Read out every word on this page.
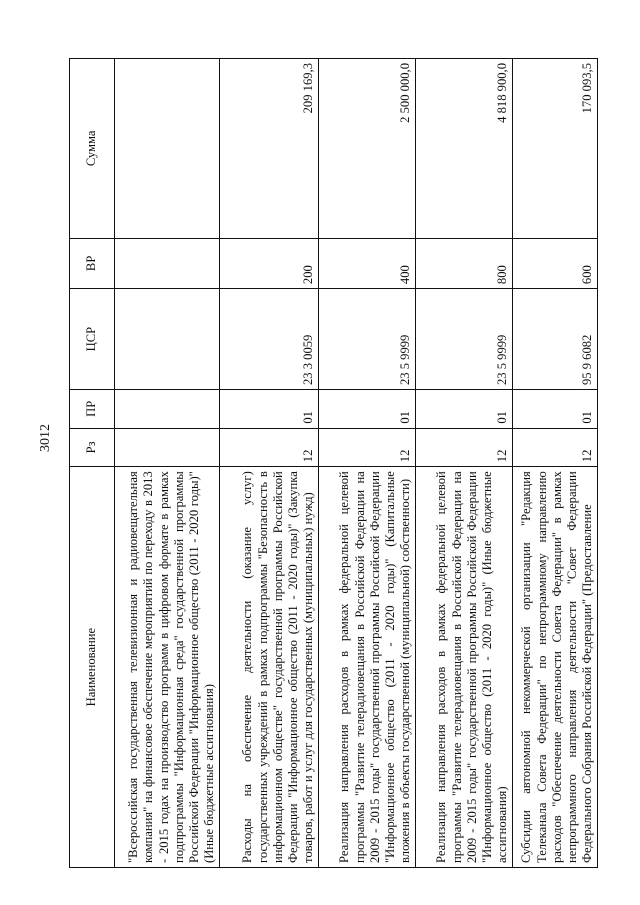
3012
Наименование	Рз	ПР	ЦСР	ВР	Сумма
"Всероссийская государственная телевизионная и радиовещательная компания" на финансовое обеспечение мероприятий по переходу в 2013 - 2015 годах на производство программ в цифровом формате в рамках подпрограммы "Информационная среда" государственной программы Российской Федерации "Информационное общество (2011 - 2020 годы)" (Иные бюджетные ассигнования)					
Расходы на обеспечение деятельности (оказание услуг) государственных учреждений в рамках подпрограммы "Безопасность в информационном обществе" государственной программы Российской Федерации "Информационное общество (2011 - 2020 годы)" (Закупка товаров, работ и услуг для государственных (муниципальных) нужд)	12	01	23 3 0059	200	209 169,3
Реализация направления расходов в рамках федеральной целевой программы "Развитие телерадиовещания в Российской Федерации на 2009 - 2015 годы" государственной программы Российской Федерации "Информационное общество (2011 - 2020 годы)" (Капитальные вложения в объекты государственной (муниципальной) собственности)	12	01	23 5 9999	400	2 500 000,0
Реализация направления расходов в рамках федеральной целевой программы "Развитие телерадиовещания в Российской Федерации на 2009 - 2015 годы" государственной программы Российской Федерации "Информационное общество (2011 - 2020 годы)" (Иные бюджетные ассигнования)	12	01	23 5 9999	800	4 818 900,0
Субсидии автономной некоммерческой организации "Редакция Телеканала Совета Федерации" по непрограммному направлению расходов "Обеспечение деятельности Совета Федерации" в рамках непрограммного направления деятельности "Совет Федерации Федерального Собрания Российской Федерации" (Предоставление	12	01	95 9 6082	600	170 093,5
